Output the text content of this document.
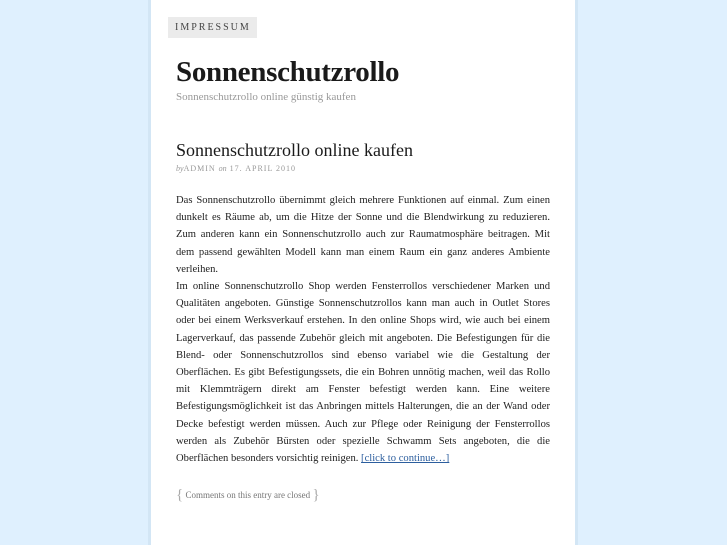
IMPRESSUM
Sonnenschutzrollo
Sonnenschutzrollo online günstig kaufen
Sonnenschutzrollo online kaufen
byADMIN on 17. APRIL 2010

Das Sonnenschutzrollo übernimmt gleich mehrere Funktionen auf einmal. Zum einen dunkelt es Räume ab, um die Hitze der Sonne und die Blendwirkung zu reduzieren. Zum anderen kann ein Sonnenschutzrollo auch zur Raumatmosphäre beitragen. Mit dem passend gewählten Modell kann man einem Raum ein ganz anderes Ambiente verleihen.

Im online Sonnenschutzrollo Shop werden Fensterrollos verschiedener Marken und Qualitäten angeboten. Günstige Sonnenschutzrollos kann man auch in Outlet Stores oder bei einem Werksverkauf erstehen. In den online Shops wird, wie auch bei einem Lagerverkauf, das passende Zubehör gleich mit angeboten. Die Befestigungen für die Blend- oder Sonnenschutzrollos sind ebenso variabel wie die Gestaltung der Oberflächen. Es gibt Befestigungssets, die ein Bohren unnötig machen, weil das Rollo mit Klemmträgern direkt am Fenster befestigt werden kann. Eine weitere Befestigungsmöglichkeit ist das Anbringen mittels Halterungen, die an der Wand oder Decke befestigt werden müssen. Auch zur Pflege oder Reinigung der Fensterrollos werden als Zubehör Bürsten oder spezielle Schwamm Sets angeboten, die die Oberflächen besonders vorsichtig reinigen. [click to continue…]

{ Comments on this entry are closed }
